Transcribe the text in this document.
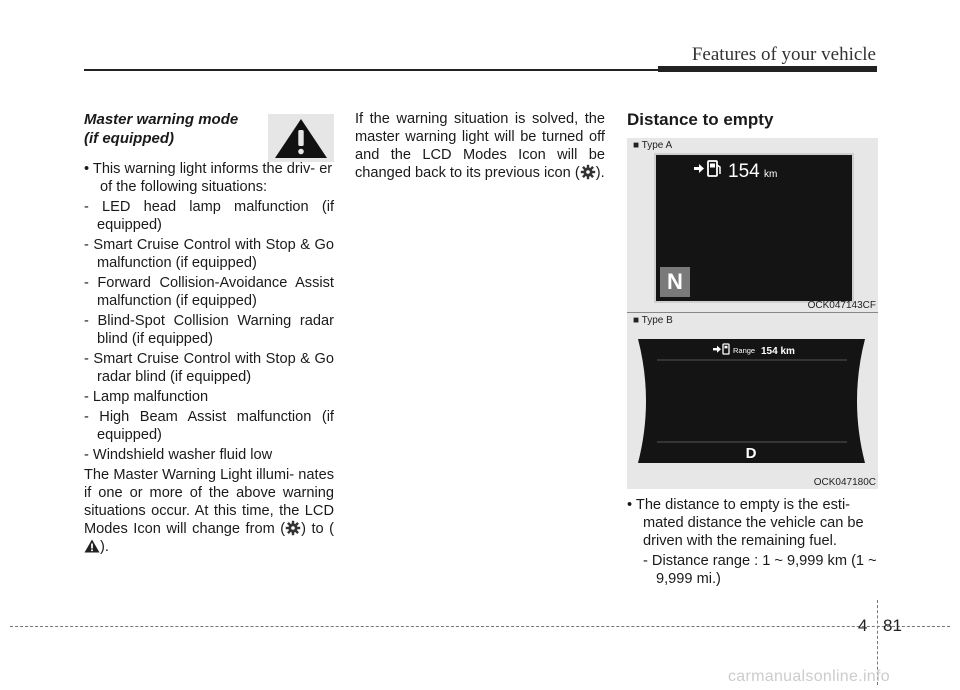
Features of your vehicle
Master warning mode
(if equipped)
• This warning light informs the driv- er of the following situations:
- LED head lamp malfunction (if equipped)
- Smart Cruise Control with Stop & Go malfunction (if equipped)
- Forward Collision-Avoidance Assist malfunction (if equipped)
- Blind-Spot Collision Warning radar blind (if equipped)
- Smart Cruise Control with Stop & Go radar blind (if equipped)
- Lamp malfunction
- High Beam Assist malfunction (if equipped)
- Windshield washer fluid low
The Master Warning Light illumi- nates if one or more of the above warning situations occur. At this time, the LCD Modes Icon will change from ( ) to ().
If the warning situation is solved, the master warning light will be turned off and the LCD Modes Icon will be changed back to its previous icon ( ).
Distance to empty
■ Type A
154 km
N
OCK047143CF
■ Type B
Range 154 km
D
OCK047180C
• The distance to empty is the esti- mated distance the vehicle can be driven with the remaining fuel.
- Distance range : 1 ~ 9,999 km (1 ~ 9,999 mi.)
4 81
carmanualsonline.info
